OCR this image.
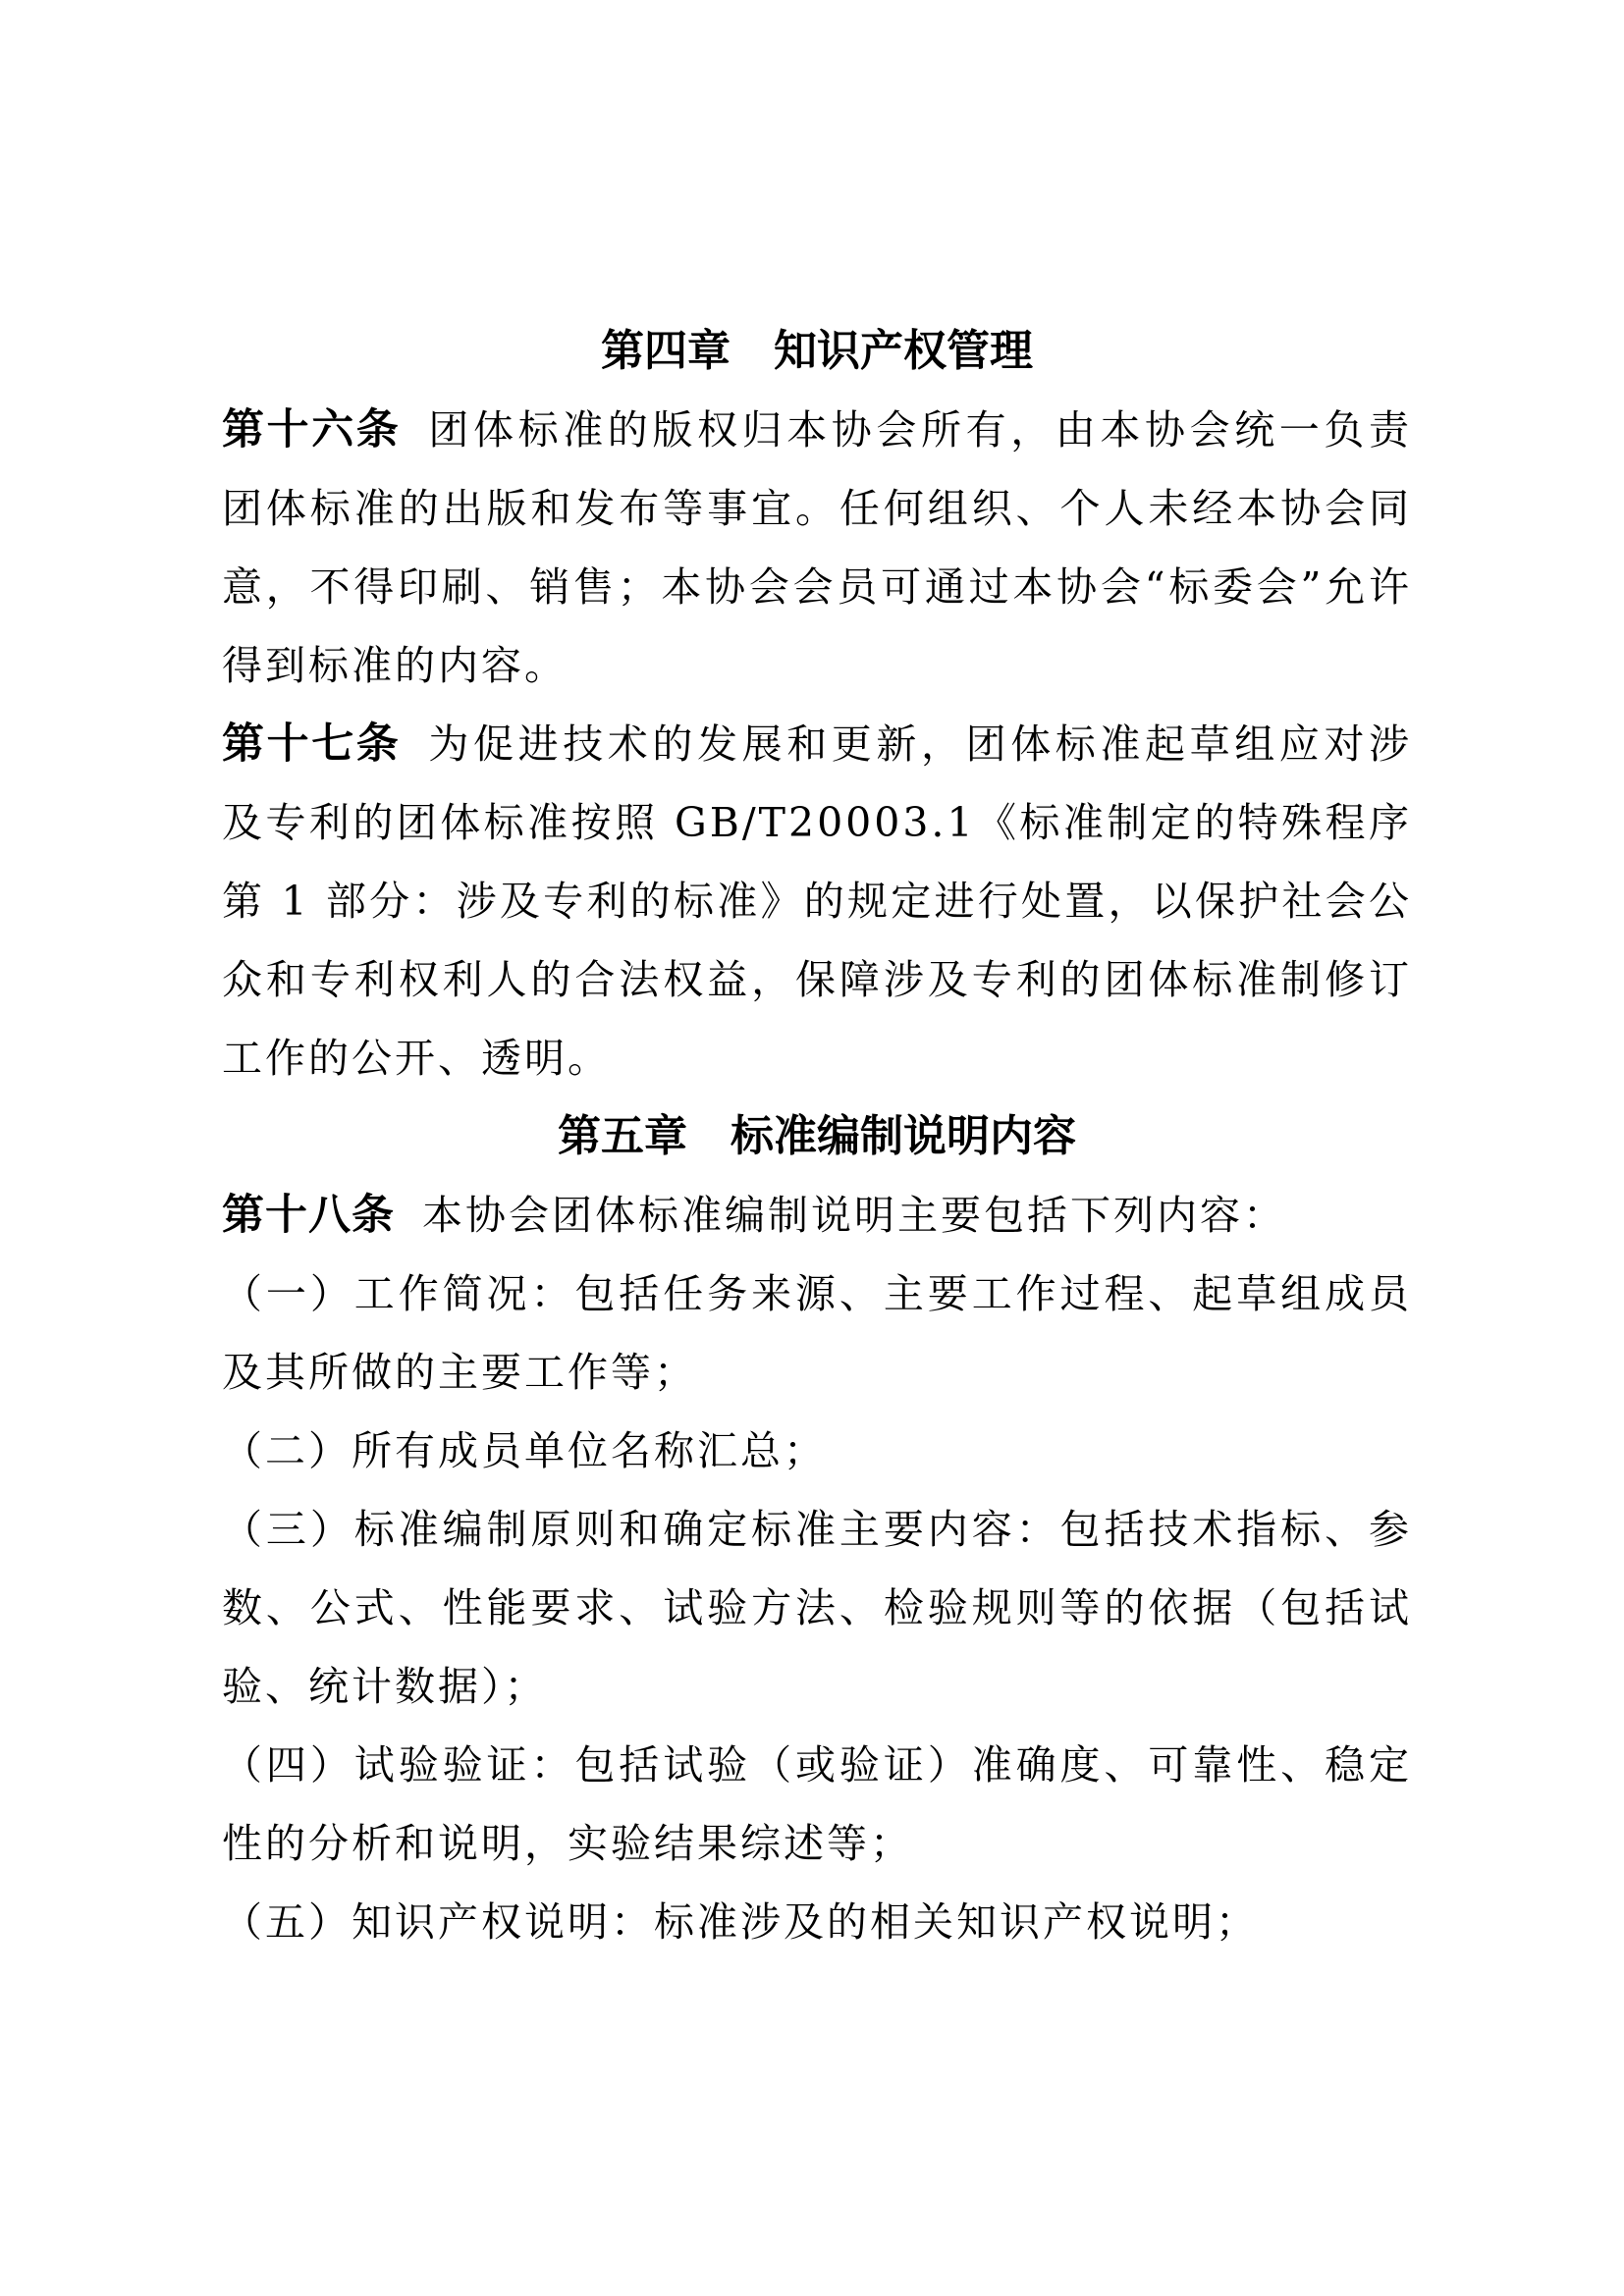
第四章　知识产权管理

第十六条 团体标准的版权归本协会所有，由本协会统一负责团体标准的出版和发布等事宜。任何组织、个人未经本协会同意，不得印刷、销售；本协会会员可通过本协会“标委会”允许得到标准的内容。

第十七条 为促进技术的发展和更新，团体标准起草组应对涉及专利的团体标准按照 GB/T20003.1《标准制定的特殊程序第 1 部分：涉及专利的标准》的规定进行处置，以保护社会公众和专利权利人的合法权益，保障涉及专利的团体标准制修订工作的公开、透明。

第五章　标准编制说明内容

第十八条 本协会团体标准编制说明主要包括下列内容：

（一）工作简况：包括任务来源、主要工作过程、起草组成员及其所做的主要工作等；

（二）所有成员单位名称汇总；

（三）标准编制原则和确定标准主要内容：包括技术指标、参数、公式、性能要求、试验方法、检验规则等的依据（包括试验、统计数据）；

（四）试验验证：包括试验（或验证）准确度、可靠性、稳定性的分析和说明，实验结果综述等；

（五）知识产权说明：标准涉及的相关知识产权说明；
